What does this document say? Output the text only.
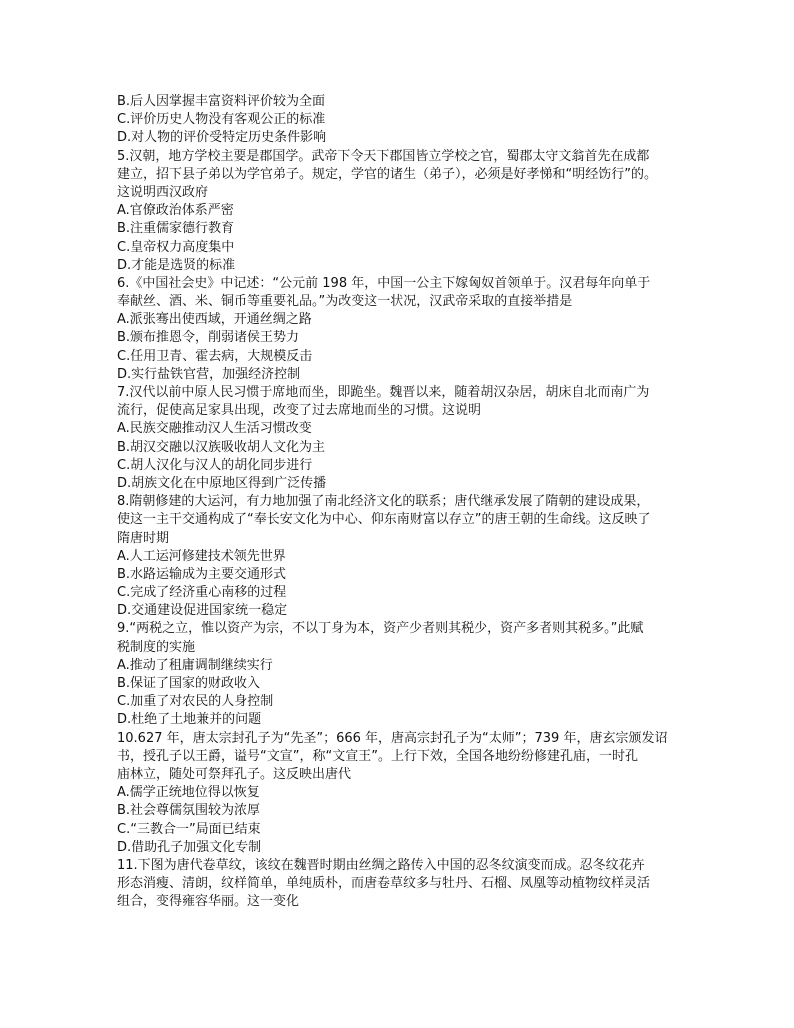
B.后人因掌握丰富资料评价较为全面
C.评价历史人物没有客观公正的标准
D.对人物的评价受特定历史条件影响
5.汉朝，地方学校主要是郡国学。武帝下令天下郡国皆立学校之官，蜀郡太守文翁首先在成都
建立，招下县子弟以为学官弟子。规定，学官的诸生（弟子），必须是好孝悌和“明经饬行”的。
这说明西汉政府
A.官僚政治体系严密
B.注重儒家德行教育
C.皇帝权力高度集中
D.才能是选贤的标准
6.《中国社会史》中记述：“公元前 198 年，中国一公主下嫁匈奴首领单于。汉君每年向单于
奉献丝、酒、米、铜币等重要礼品。”为改变这一状况，汉武帝采取的直接举措是
A.派张骞出使西域，开通丝绸之路
B.颁布推恩令，削弱诸侯王势力
C.任用卫青、霍去病，大规模反击
D.实行盐铁官营，加强经济控制
7.汉代以前中原人民习惯于席地而坐，即跪坐。魏晋以来，随着胡汉杂居，胡床自北而南广为
流行，促使高足家具出现，改变了过去席地而坐的习惯。这说明
A.民族交融推动汉人生活习惯改变
B.胡汉交融以汉族吸收胡人文化为主
C.胡人汉化与汉人的胡化同步进行
D.胡族文化在中原地区得到广泛传播
8.隋朝修建的大运河，有力地加强了南北经济文化的联系；唐代继承发展了隋朝的建设成果，
使这一主干交通构成了“奉长安文化为中心、仰东南财富以存立”的唐王朝的生命线。这反映了
隋唐时期
A.人工运河修建技术领先世界
B.水路运输成为主要交通形式
C.完成了经济重心南移的过程
D.交通建设促进国家统一稳定
9.“两税之立，惟以资产为宗，不以丁身为本，资产少者则其税少，资产多者则其税多。”此赋
税制度的实施
A.推动了租庸调制继续实行
B.保证了国家的财政收入
C.加重了对农民的人身控制
D.杜绝了土地兼并的问题
10.627 年，唐太宗封孔子为“先圣”；666 年，唐高宗封孔子为“太师”；739 年，唐玄宗颁发诏
书，授孔子以王爵，谥号“文宣”，称“文宣王”。上行下效，全国各地纷纷修建孔庙，一时孔
庙林立，随处可祭拜孔子。这反映出唐代
A.儒学正统地位得以恢复
B.社会尊儒氛围较为浓厚
C.“三教合一”局面已结束
D.借助孔子加强文化专制
11.下图为唐代卷草纹，该纹在魏晋时期由丝绸之路传入中国的忍冬纹演变而成。忍冬纹花卉
形态消瘦、清朗，纹样简单，单纯质朴，而唐卷草纹多与牡丹、石榴、凤凰等动植物纹样灵活
组合，变得雍容华丽。这一变化
